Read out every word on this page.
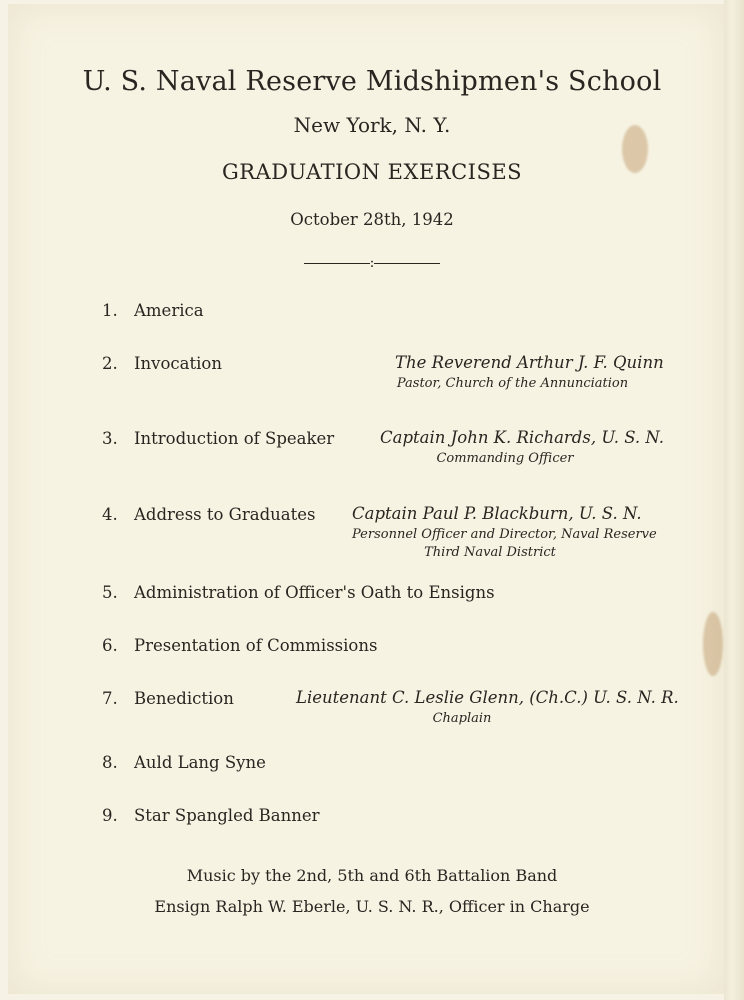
U. S. Naval Reserve Midshipmen's School
New York, N. Y.
GRADUATION EXERCISES
October 28th, 1942
:
1. America
2. Invocation	The Reverend Arthur J. F. Quinn
Pastor, Church of the Annunciation
3. Introduction of Speaker	Captain John K. Richards, U. S. N.
Commanding Officer
4. Address to Graduates Captain Paul P. Blackburn, U. S. N.
Personnel Officer and Director, Naval Reserve
Third Naval District
5. Administration of Officer's Oath to Ensigns
6. Presentation of Commissions
7. Benediction	Lieutenant C. Leslie Glenn, (Ch.C.) U. S. N. R.
Chaplain
8. Auld Lang Syne
9. Star Spangled Banner
Music by the 2nd, 5th and 6th Battalion Band
Ensign Ralph W. Eberle, U. S. N. R., Officer in Charge
